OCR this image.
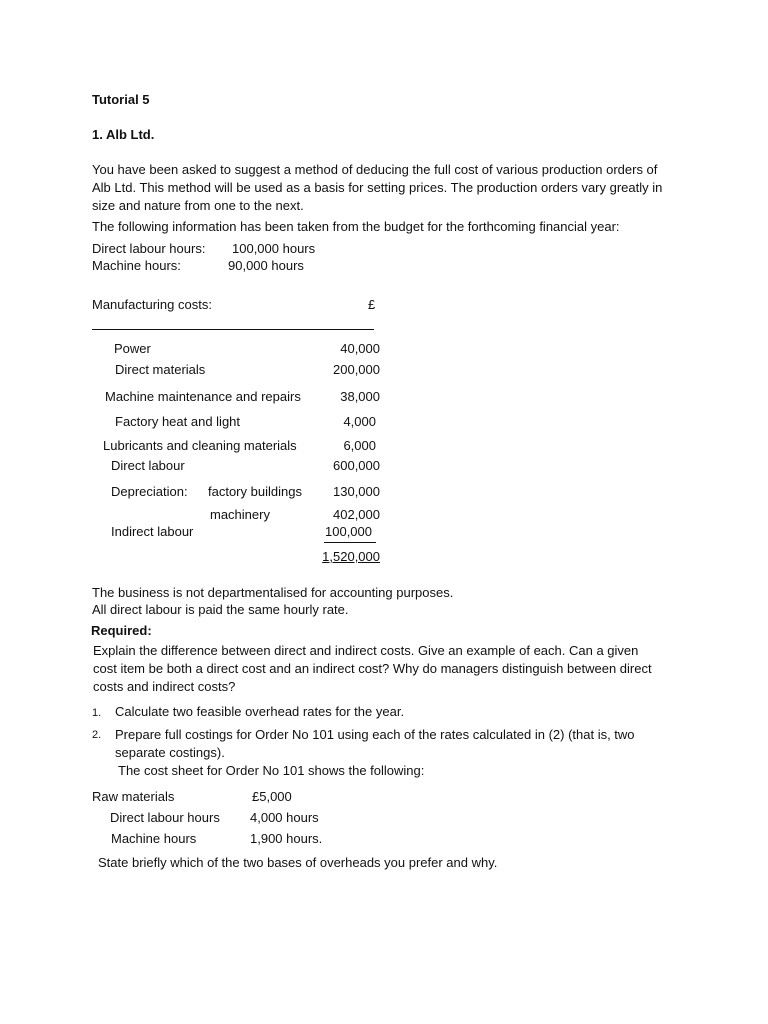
Tutorial 5
1. Alb Ltd.
You have been asked to suggest a method of deducing the full cost of various production orders of Alb Ltd. This method will be used as a basis for setting prices. The production orders vary greatly in size and nature from one to the next.
The following information has been taken from the budget for the forthcoming financial year:
Direct labour hours: 100,000 hours
Machine hours:	90,000 hours
Manufacturing costs:	£
Power	40,000
Direct materials	200,000
Machine maintenance and repairs	38,000
Factory heat and light	4,000
Lubricants and cleaning materials	6,000
Direct labour	600,000
Depreciation: factory buildings	130,000
machinery	402,000
Indirect labour	100,000
1,520,000
The business is not departmentalised for accounting purposes.
All direct labour is paid the same hourly rate.
Required:
Explain the difference between direct and indirect costs. Give an example of each. Can a given cost item be both a direct cost and an indirect cost? Why do managers distinguish between direct costs and indirect costs?
1. Calculate two feasible overhead rates for the year.
2. Prepare full costings for Order No 101 using each of the rates calculated in (2) (that is, two separate costings).
The cost sheet for Order No 101 shows the following:
Raw materials	£5,000
Direct labour hours 4,000 hours
Machine hours	1,900 hours.
State briefly which of the two bases of overheads you prefer and why.
